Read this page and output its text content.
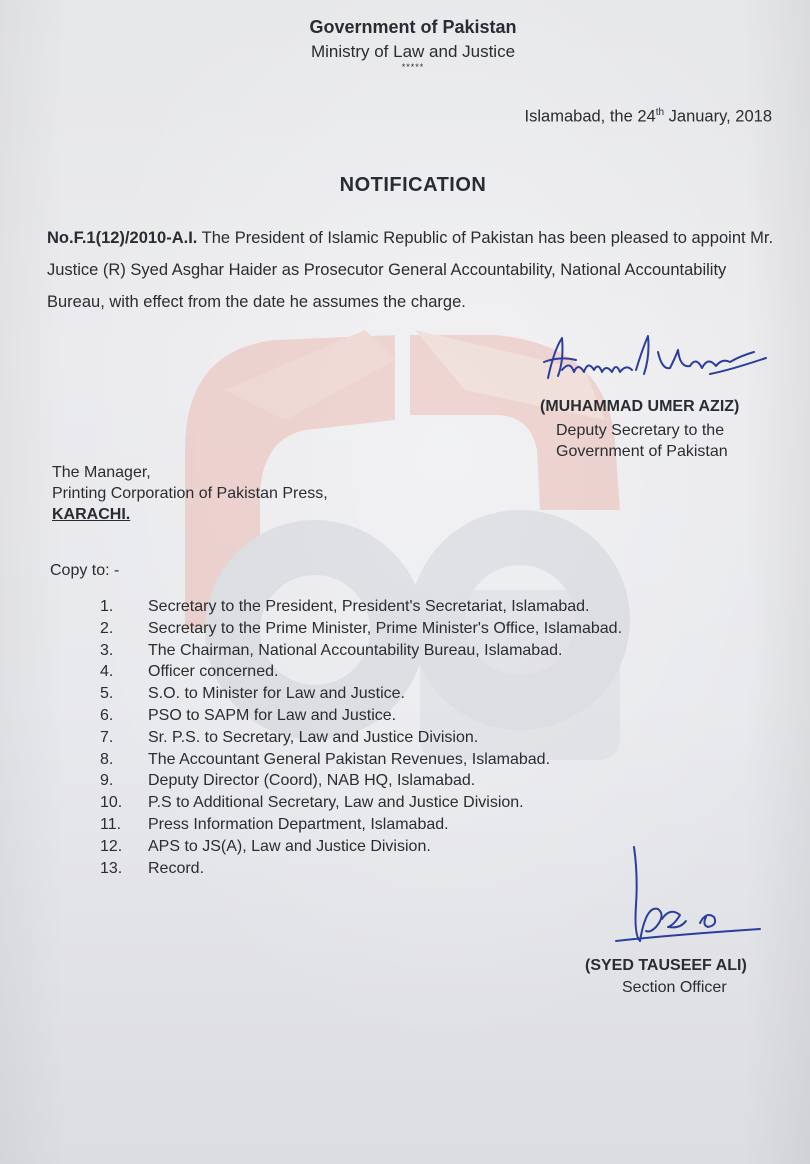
Government of Pakistan
Ministry of Law and Justice
*****
Islamabad, the 24th January, 2018
NOTIFICATION
No.F.1(12)/2010-A.I. The President of Islamic Republic of Pakistan has been pleased to appoint Mr. Justice (R) Syed Asghar Haider as Prosecutor General Accountability, National Accountability Bureau, with effect from the date he assumes the charge.
(MUHAMMAD UMER AZIZ)
Deputy Secretary to the
Government of Pakistan
The Manager,
Printing Corporation of Pakistan Press,
KARACHI.
Copy to: -
1. Secretary to the President, President's Secretariat, Islamabad.
2. Secretary to the Prime Minister, Prime Minister's Office, Islamabad.
3. The Chairman, National Accountability Bureau, Islamabad.
4. Officer concerned.
5. S.O. to Minister for Law and Justice.
6. PSO to SAPM for Law and Justice.
7. Sr. P.S. to Secretary, Law and Justice Division.
8. The Accountant General Pakistan Revenues, Islamabad.
9. Deputy Director (Coord), NAB HQ, Islamabad.
10. P.S to Additional Secretary, Law and Justice Division.
11. Press Information Department, Islamabad.
12. APS to JS(A), Law and Justice Division.
13. Record.
(SYED TAUSEEF ALI)
Section Officer
